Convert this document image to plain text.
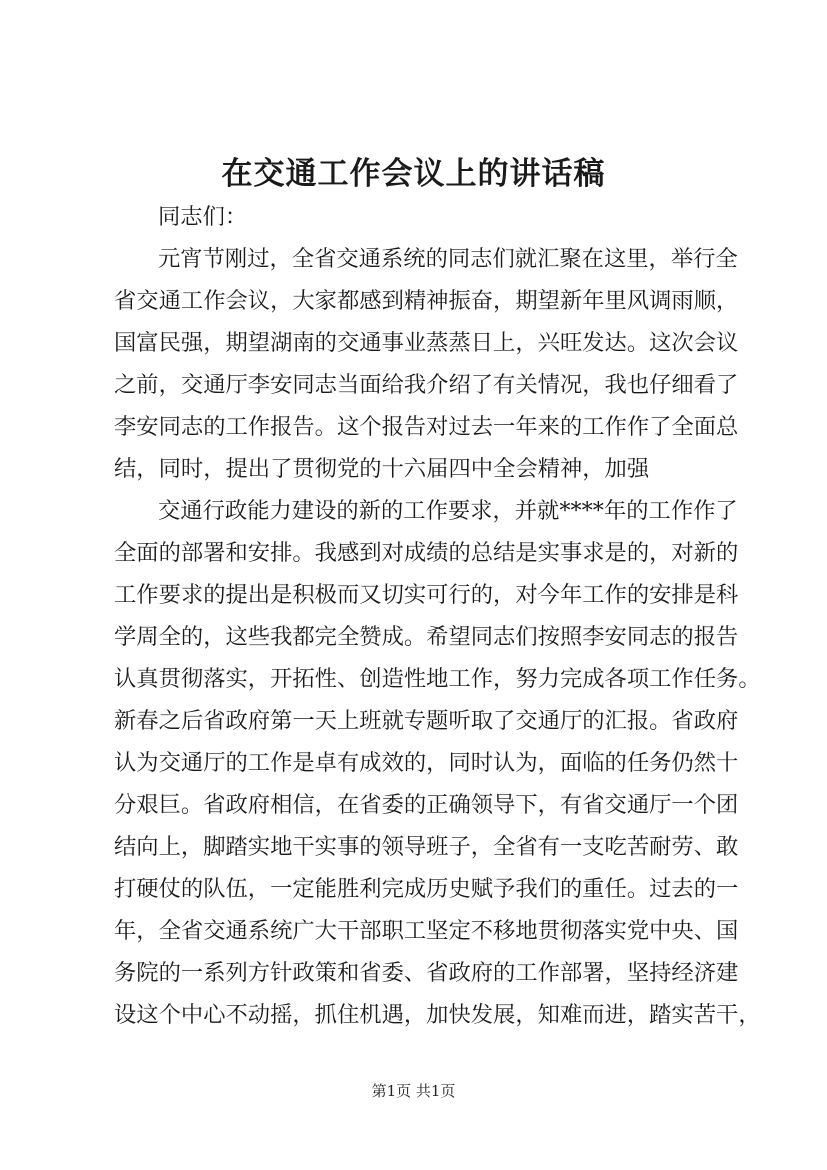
在交通工作会议上的讲话稿
同志们：
元宵节刚过，全省交通系统的同志们就汇聚在这里，举行全
省交通工作会议，大家都感到精神振奋，期望新年里风调雨顺，
国富民强，期望湖南的交通事业蒸蒸日上，兴旺发达。这次会议
之前，交通厅李安同志当面给我介绍了有关情况，我也仔细看了
李安同志的工作报告。这个报告对过去一年来的工作作了全面总
结，同时，提出了贯彻党的十六届四中全会精神，加强
交通行政能力建设的新的工作要求，并就****年的工作作了
全面的部署和安排。我感到对成绩的总结是实事求是的，对新的
工作要求的提出是积极而又切实可行的，对今年工作的安排是科
学周全的，这些我都完全赞成。希望同志们按照李安同志的报告
认真贯彻落实，开拓性、创造性地工作，努力完成各项工作任务。
新春之后省政府第一天上班就专题听取了交通厅的汇报。省政府
认为交通厅的工作是卓有成效的，同时认为，面临的任务仍然十
分艰巨。省政府相信，在省委的正确领导下，有省交通厅一个团
结向上，脚踏实地干实事的领导班子，全省有一支吃苦耐劳、敢
打硬仗的队伍，一定能胜利完成历史赋予我们的重任。过去的一
年，全省交通系统广大干部职工坚定不移地贯彻落实党中央、国
务院的一系列方针政策和省委、省政府的工作部署，坚持经济建
设这个中心不动摇，抓住机遇，加快发展，知难而进，踏实苦干，
第1页 共1页
